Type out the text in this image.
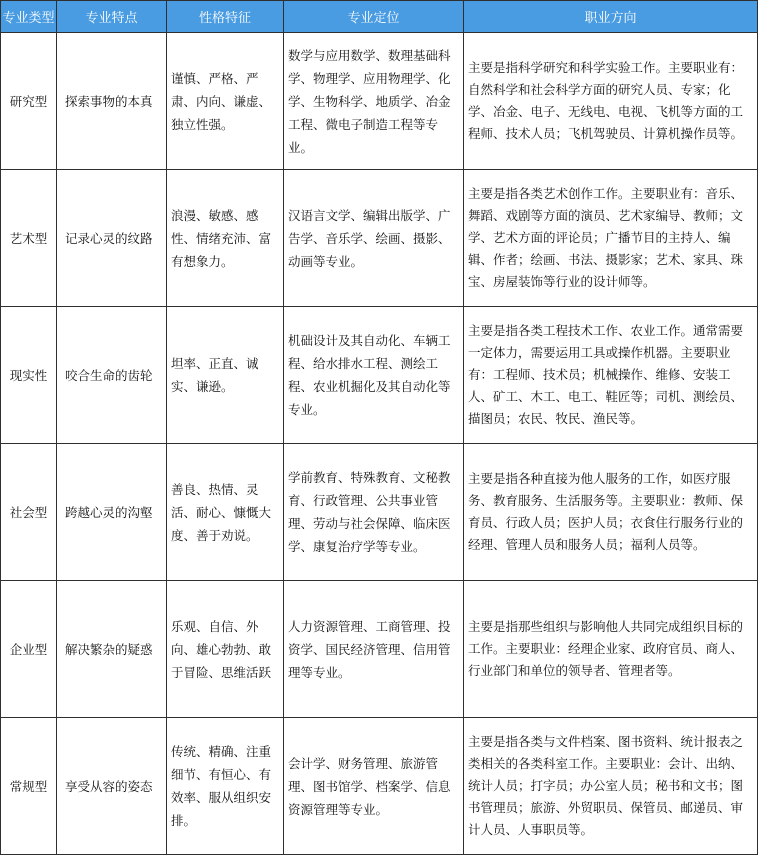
专业类型	专业特点	性格特征	专业定位	职业方向
研究型	探索事物的本真	谨慎、严格、严肃、内向、谦虚、独立性强。	数学与应用数学、数理基础科学、物理学、应用物理学、化学、生物科学、地质学、冶金工程、微电子制造工程等专业。	主要是指科学研究和科学实验工作。主要职业有：自然科学和社会科学方面的研究人员、专家；化学、冶金、电子、无线电、电视、飞机等方面的工程师、技术人员；飞机驾驶员、计算机操作员等。
艺术型	记录心灵的纹路	浪漫、敏感、感性、情绪充沛、富有想象力。	汉语言文学、编辑出版学、广告学、音乐学、绘画、摄影、动画等专业。	主要是指各类艺术创作工作。主要职业有：音乐、舞蹈、戏剧等方面的演员、艺术家编导、教师；文学、艺术方面的评论员；广播节目的主持人、编辑、作者；绘画、书法、摄影家；艺术、家具、珠宝、房屋装饰等行业的设计师等。
现实性	咬合生命的齿轮	坦率、正直、诚实、谦逊。	机础设计及其自动化、车辆工程、给水排水工程、测绘工程、农业机掘化及其自动化等专业。	主要是指各类工程技术工作、农业工作。通常需要一定体力，需要运用工具或操作机器。主要职业有：工程师、技术员；机械操作、维修、安装工人、矿工、木工、电工、鞋匠等；司机、测绘员、描图员；农民、牧民、渔民等。
社会型	跨越心灵的沟壑	善良、热情、灵活、耐心、慷慨大度、善于劝说。	学前教育、特殊教育、文秘教育、行政管理、公共事业管理、劳动与社会保障、临床医学、康复治疗学等专业。	主要是指各种直接为他人服务的工作，如医疗服务、教育服务、生活服务等。主要职业：教师、保育员、行政人员；医护人员；衣食住行服务行业的经理、管理人员和服务人员；福利人员等。
企业型	解决繁杂的疑惑	乐观、自信、外向、雄心勃勃、敢于冒险、思维活跃	人力资源管理、工商管理、投资学、国民经济管理、信用管理等专业。	主要是指那些组织与影响他人共同完成组织目标的工作。主要职业：经理企业家、政府官员、商人、行业部门和单位的领导者、管理者等。
常规型	享受从容的姿态	传统、精确、注重细节、有恒心、有效率、服从组织安排。	会计学、财务管理、旅游管理、图书馆学、档案学、信息资源管理等专业。	主要是指各类与文件档案、图书资料、统计报表之类相关的各类科室工作。主要职业：会计、出纳、统计人员；打字员；办公室人员；秘书和文书；图书管理员；旅游、外贸职员、保管员、邮递员、审计人员、人事职员等。
